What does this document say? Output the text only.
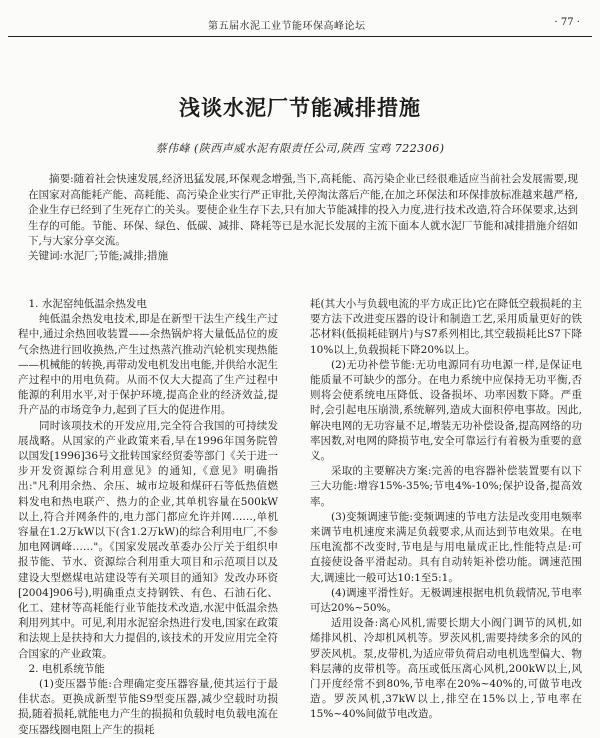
第五届水泥工业节能环保高峰论坛	· 77 ·
浅谈水泥厂节能减排措施
蔡伟峰 (陕西声威水泥有限责任公司,陕西 宝鸡 722306)

摘要:随着社会快速发展,经济迅猛发展,环保观念增强,当下,高耗能、高污染企业已经很难适应当前社会发展需要,现在国家对高能耗产能、高耗能、高污染企业实行严正审批,关停淘汰落后产能,在加之环保法和环保排放标准越来越严格,企业生存已经到了生死存亡的关头。要使企业生存下去,只有加大节能减排的投入力度,进行技术改造,符合环保要求,达到生存的可能。节能、环保、绿色、低碳、减排、降耗等已是水泥长发展的主流下面本人就水泥厂节能和减排措施介绍如下,与大家分享交流。

关键词:水泥厂;节能;减排;措施
1. 水泥窑纯低温余热发电

纯低温余热发电技术,即是在新型干法生产线生产过程中,通过余热回收装置——余热锅炉将大量低品位的废气余热进行回收换热,产生过热蒸汽推动汽轮机实现热能——机械能的转换,再带动发电机发出电能,并供给水泥生产过程中的用电负荷。从而不仅大大提高了生产过程中能源的利用水平,对于保护环境,提高企业的经济效益,提升产品的市场竞争力,起到了巨大的促进作用。

同时该项技术的开发应用,完全符合我国的可持续发展战略。从国家的产业政策来看,早在1996年国务院曾以国发[1996]36号文批转国家经贸委等部门《关于进一步开发资源综合利用意见》的通知,《意见》明确指出:"凡利用余热、余压、城市垃圾和煤矸石等低热值燃料发电和热电联产、热力的企业,其单机容量在500kW以上,符合并网条件的,电力部门都应允许并网……,单机容量在1.2万kW以下(含1.2万kW)的综合利用电厂,不参加电网调峰……"。《国家发展改革委办公厅关于组织申报节能、节水、资源综合利用重大项目和示范项目以及建设大型燃煤电站建设等有关项目的通知》发改办环资[2004]906号),明确重点支持钢铁、有色、石油石化、化工、建材等高耗能行业节能技术改造,水泥中低温余热利用列其中。可见,利用水泥窑余热进行发电,国家在政策和法规上是扶持和大力提倡的,该技术的开发应用完全符合国家的产业政策。

2. 电机系统节能

(1)变压器节能:合理确定变压器容量,使其运行于最佳状态。更换成新型节能S9型变压器,减少空载时功损损,随着损耗,就能电力产生的损损和负载时电负载电流在变压器线圈电阻上产生的损耗

耗(其大小与负载电流的平方成正比)它在降低空载损耗的主要方法下改进变压器的设计和制造工艺,采用质量更好的铁芯材料(低损耗硅钢片)与S7系列相比,其空载损耗比S7下降10%以上,负载损耗下降20%以上。

(2)无功补偿节能:无功电源同有功电源一样,是保证电能质量不可缺少的部分。在电力系统中应保持无功平衡,否则将会使系统电压降低、设备损坏、功率因数下降。严重时,会引起电压崩溃,系统解列,造成大面积停电事故。因此,解决电网的无功容量不足,增装无功补偿设备,提高网络的功率因数,对电网的降损节电,安全可靠运行有着极为重要的意义。

采取的主要解决方案:完善的电容器补偿装置要有以下三大功能:增容15%-35%;节电4%-10%;保护设备,提高效率。

(3)变频调速节能:变频调速的节电方法是改变用电频率来调节电机速度来满足负载要求,从而达到节电效果。在电压电流都不改变时,节电是与用电量成正比,性能特点是:可直接使设备平滑起动。具有自动转矩补偿功能。调速范围大,调速比一般可达10:1至5:1。

(4)调速平滑性好。无极调速根据电机负载情况,节电率可达20%~50%。

适用设备:离心风机,需要长期大小阀门调节的风机,如烯排风机、冷却机风机等。罗茨风机,需要持续多余的风的罗茨风机。泵,皮带机,为适应带负荷启动电机选型偏大、物料层薄的皮带机等。高压或低压离心风机,200kW以上,风门开度经常不到80%,节电率在20%~40%的,可做节电改造。罗茨风机,37kW以上,排空在15%以上,节电率在15%~40%间做节电改造。
